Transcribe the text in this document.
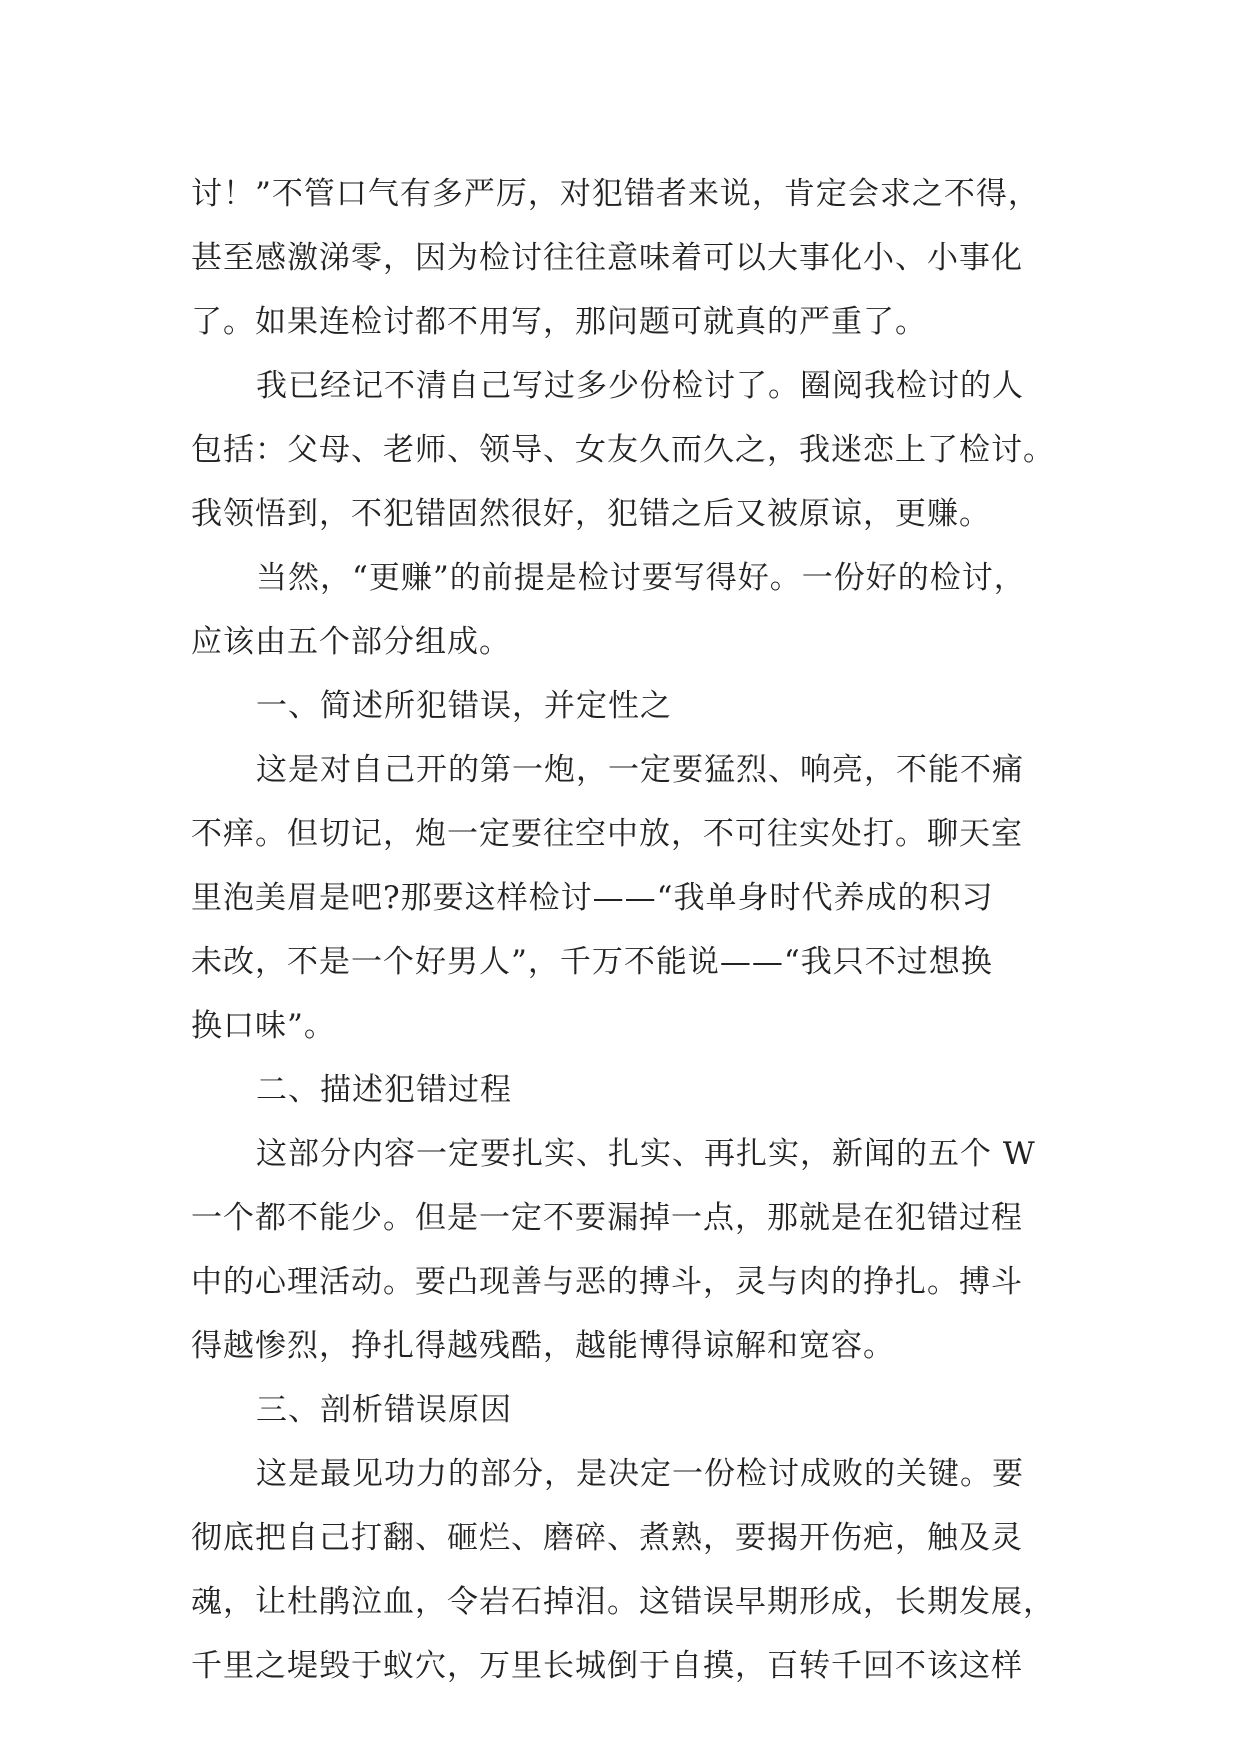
讨！”不管口气有多严厉，对犯错者来说，肯定会求之不得，
甚至感激涕零，因为检讨往往意味着可以大事化小、小事化
了。如果连检讨都不用写，那问题可就真的严重了。
我已经记不清自己写过多少份检讨了。圈阅我检讨的人
包括：父母、老师、领导、女友久而久之，我迷恋上了检讨。
我领悟到，不犯错固然很好，犯错之后又被原谅，更赚。
当然，“更赚”的前提是检讨要写得好。一份好的检讨，
应该由五个部分组成。
一、简述所犯错误，并定性之
这是对自己开的第一炮，一定要猛烈、响亮，不能不痛
不痒。但切记，炮一定要往空中放，不可往实处打。聊天室
里泡美眉是吧?那要这样检讨——“我单身时代养成的积习
未改，不是一个好男人”，千万不能说——“我只不过想换
换口味”。
二、描述犯错过程
这部分内容一定要扎实、扎实、再扎实，新闻的五个 W
一个都不能少。但是一定不要漏掉一点，那就是在犯错过程
中的心理活动。要凸现善与恶的搏斗，灵与肉的挣扎。搏斗
得越惨烈，挣扎得越残酷，越能博得谅解和宽容。
三、剖析错误原因
这是最见功力的部分，是决定一份检讨成败的关键。要
彻底把自己打翻、砸烂、磨碎、煮熟，要揭开伤疤，触及灵
魂，让杜鹃泣血，令岩石掉泪。这错误早期形成，长期发展，
千里之堤毁于蚁穴，万里长城倒于自摸，百转千回不该这样
